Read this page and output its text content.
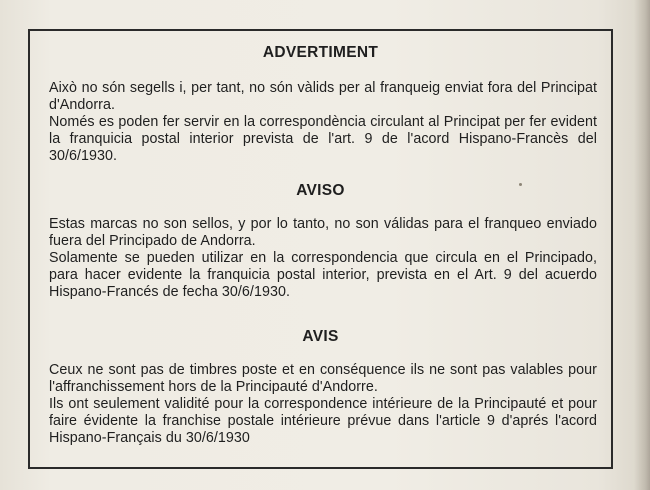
ADVERTIMENT

Això no són segells i, per tant, no són vàlids per al franqueig enviat fora del Principat d'Andorra.

Només es poden fer servir en la correspondència circulant al Principat per fer evident la franquicia postal interior prevista de l'art. 9 de l'acord Hispano-Francès del 30/6/1930.

AVISO

Estas marcas no son sellos, y por lo tanto, no son válidas para el franqueo enviado fuera del Principado de Andorra.

Solamente se pueden utilizar en la correspondencia que circula en el Principado, para hacer evidente la franquicia postal interior, prevista en el Art. 9 del acuerdo Hispano-Francés de fecha 30/6/1930.

AVIS

Ceux ne sont pas de timbres poste et en conséquence ils ne sont pas valables pour l'affranchissement hors de la Principauté d'Andorre.

Ils ont seulement validité pour la correspondence intérieure de la Principauté et pour faire évidente la franchise postale intérieure prévue dans l'article 9 d'aprés l'acord Hispano-Français du 30/6/1930
